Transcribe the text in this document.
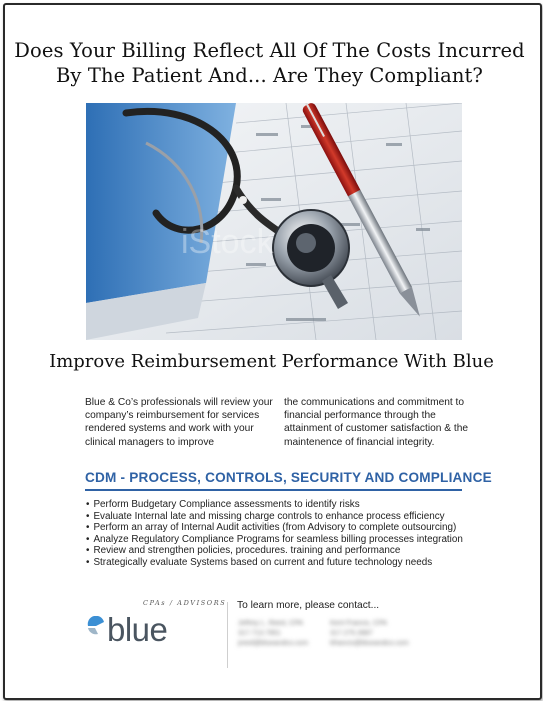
Does Your Billing Reflect All Of The Costs Incurred
By The Patient And... Are They Compliant?
iStock
Improve Reimbursement Performance With Blue
Blue & Co’s professionals will review your company’s reimbursement for services rendered systems and work with your clinical managers to improve
the communications and commitment to financial performance through the attainment of customer satisfaction & the maintenence of financial integrity.
CDM - PROCESS, CONTROLS, SECURITY AND COMPLIANCE
• Perform Budgetary Compliance assessments to identify risks
• Evaluate Internal late and missing charge controls to enhance process efficiency
• Perform an array of Internal Audit activities (from Advisory to complete outsourcing)
• Analyze Regulatory Compliance Programs for seamless billing processes integration
• Review and strengthen policies, procedures. training and performance
• Strategically evaluate Systems based on current and future technology needs
CPAs / ADVISORS
blue
To learn more, please contact...
Jeffrey L. Reed, CPA
317.713.7951
jreed@blueandco.com
Kent Francis, CPA
317.275.3987
kfrancis@blueandco.com
